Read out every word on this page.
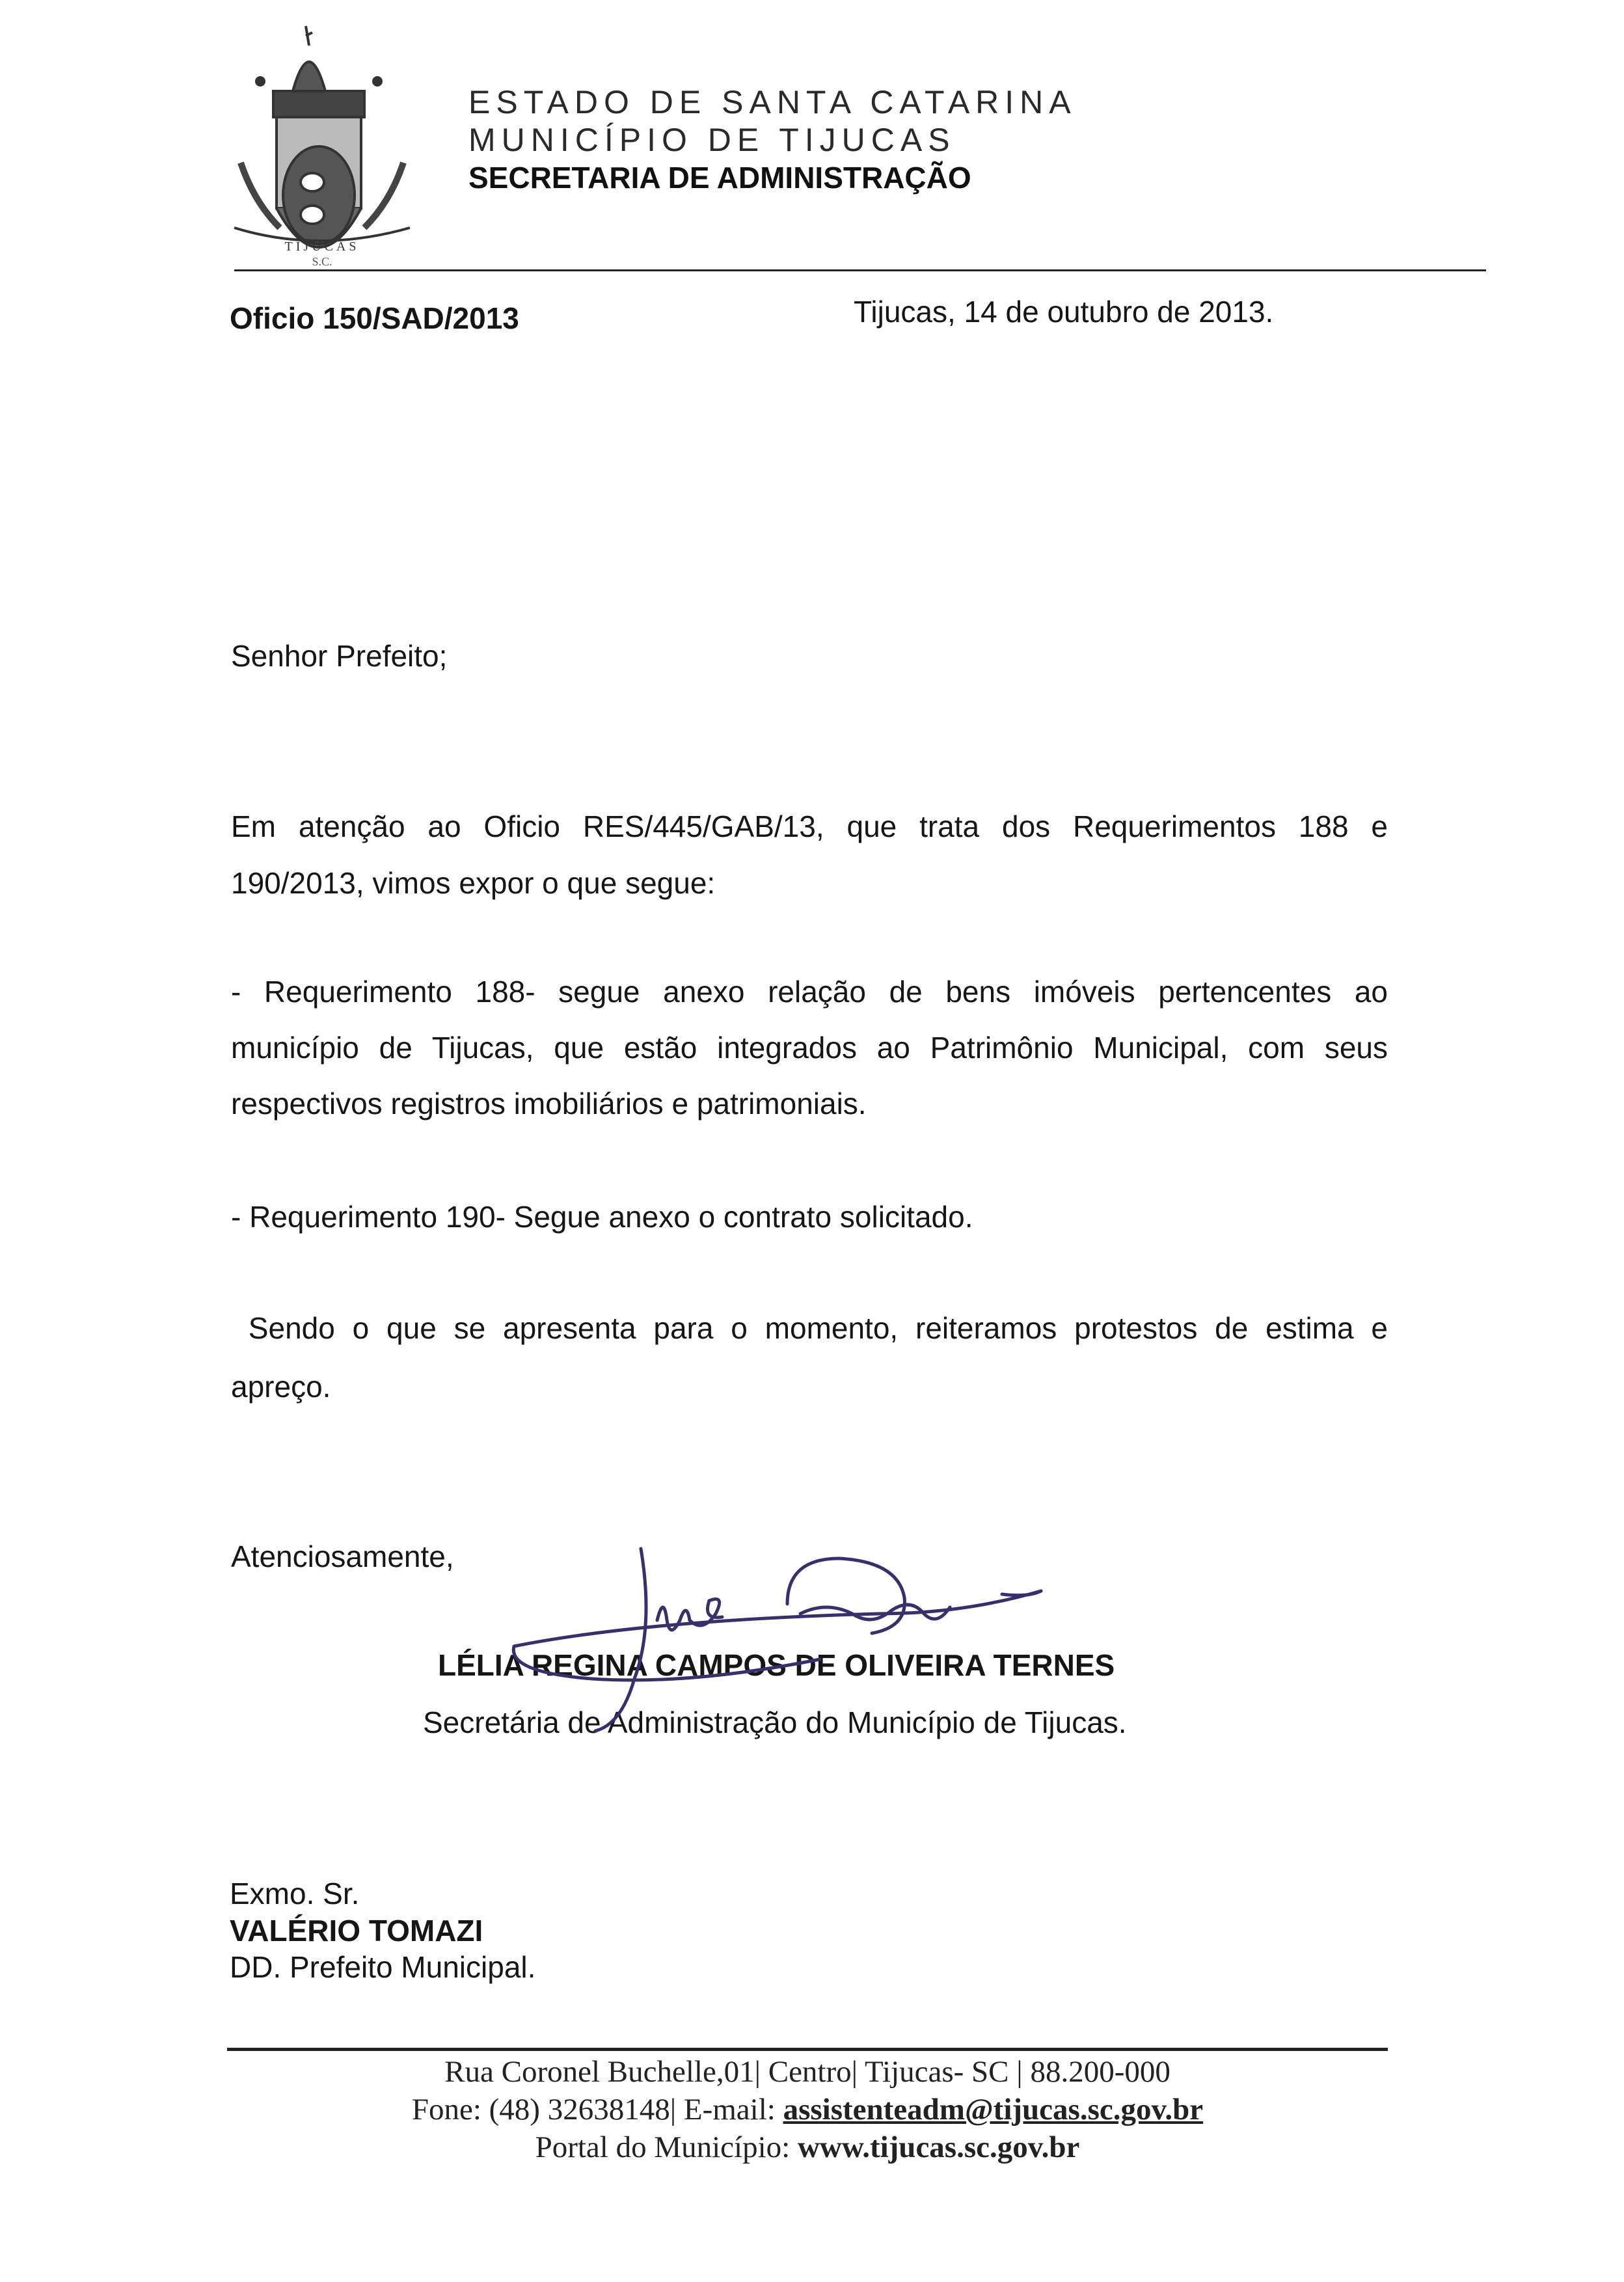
TIJUCAS
S.C.
ESTADO DE SANTA CATARINA
MUNICÍPIO DE TIJUCAS
SECRETARIA DE ADMINISTRAÇÃO
Oficio 150/SAD/2013	Tijucas, 14 de outubro de 2013.
Senhor Prefeito;
Em atenção ao Oficio RES/445/GAB/13, que trata dos Requerimentos 188 e
190/2013, vimos expor o que segue:
- Requerimento 188- segue anexo relação de bens imóveis pertencentes ao
município de Tijucas, que estão integrados ao Patrimônio Municipal, com seus
respectivos registros imobiliários e patrimoniais.
- Requerimento 190- Segue anexo o contrato solicitado.
Sendo o que se apresenta para o momento, reiteramos protestos de estima e
apreço.
Atenciosamente,
LÉLIA REGINA CAMPOS DE OLIVEIRA TERNES
Secretária de Administração do Município de Tijucas.
Exmo. Sr.
VALÉRIO TOMAZI
DD. Prefeito Municipal.
Rua Coronel Buchelle,01| Centro| Tijucas- SC | 88.200-000
Fone: (48) 32638148| E-mail: assistenteadm@tijucas.sc.gov.br
Portal do Município: www.tijucas.sc.gov.br
